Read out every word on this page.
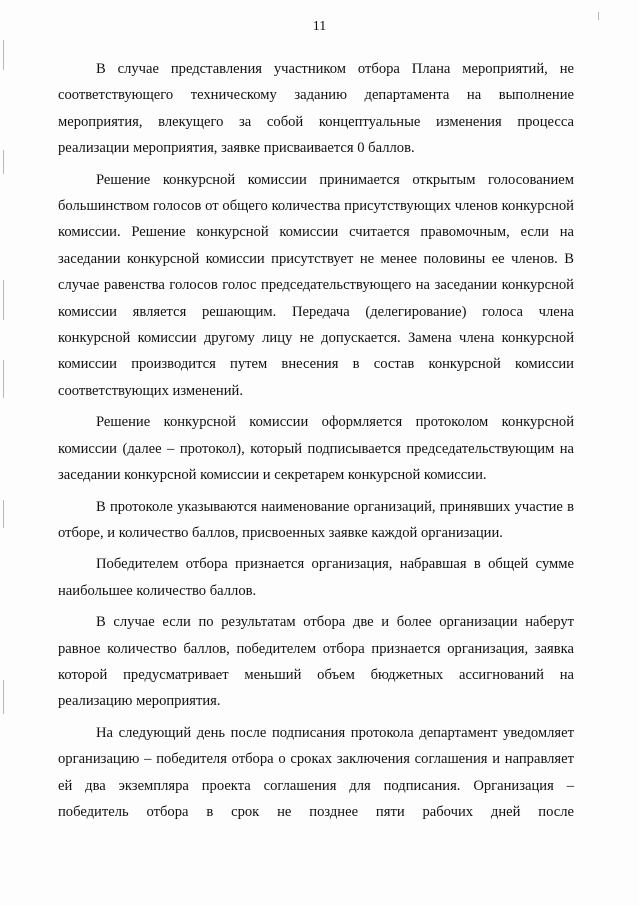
11

В случае представления участником отбора Плана мероприятий, не соответствующего техническому заданию департамента на выполнение мероприятия, влекущего за собой концептуальные изменения процесса реализации мероприятия, заявке присваивается 0 баллов.

Решение конкурсной комиссии принимается открытым голосованием большинством голосов от общего количества присутствующих членов конкурсной комиссии. Решение конкурсной комиссии считается правомочным, если на заседании конкурсной комиссии присутствует не менее половины ее членов. В случае равенства голосов голос председательствующего на заседании конкурсной комиссии является решающим. Передача (делегирование) голоса члена конкурсной комиссии другому лицу не допускается. Замена члена конкурсной комиссии производится путем внесения в состав конкурсной комиссии соответствующих изменений.

Решение конкурсной комиссии оформляется протоколом конкурсной комиссии (далее – протокол), который подписывается председательствующим на заседании конкурсной комиссии и секретарем конкурсной комиссии.

В протоколе указываются наименование организаций, принявших участие в отборе, и количество баллов, присвоенных заявке каждой организации.

Победителем отбора признается организация, набравшая в общей сумме наибольшее количество баллов.

В случае если по результатам отбора две и более организации наберут равное количество баллов, победителем отбора признается организация, заявка которой предусматривает меньший объем бюджетных ассигнований на реализацию мероприятия.

На следующий день после подписания протокола департамент уведомляет организацию – победителя отбора о сроках заключения соглашения и направляет ей два экземпляра проекта соглашения для подписания. Организация – победитель отбора в срок не позднее пяти рабочих дней после
